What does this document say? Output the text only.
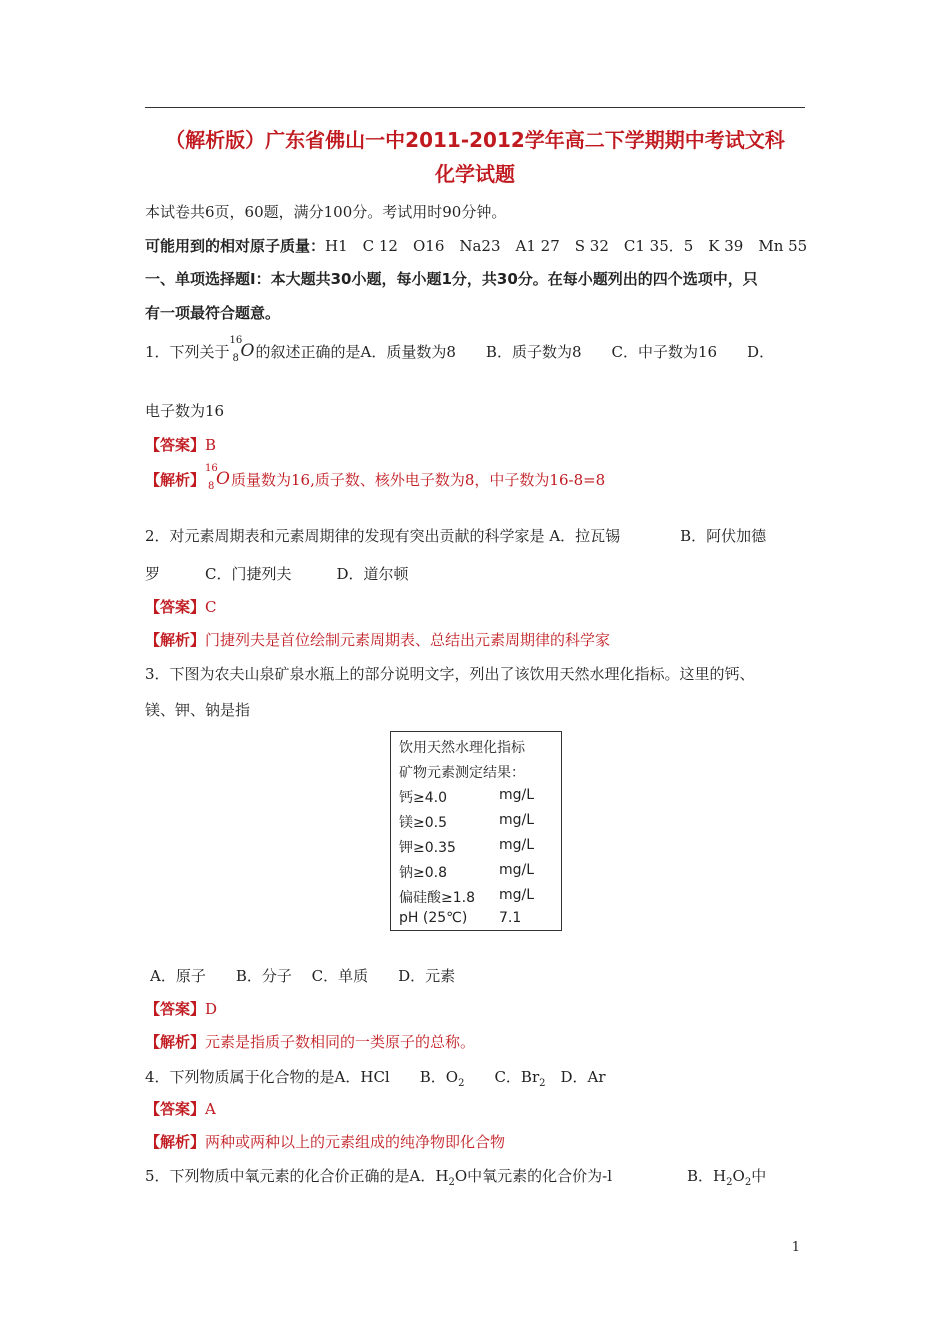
（解析版）广东省佛山一中2011-2012学年高二下学期期中考试文科
化学试题
本试卷共6页，60题，满分100分。考试用时90分钟。
可能用到的相对原子质量：H1　C 12　O16　Na23　A1 27　S 32　C1 35．5　K 39　Mn 55
一、单项选择题Ⅰ：本大题共30小题，每小题1分，共30分。在每小题列出的四个选项中，只
有一项最符合题意。
1．下列关于
16
8 O 的叙述正确的是A．质量数为8　　B．质子数为8　　C．中子数为16　　D．
电子数为16
【答案】B
【解析】
16
8 O 质量数为16,质子数、核外电子数为8，中子数为16-8=8
2．对元素周期表和元素周期律的发现有突出贡献的科学家是 A．拉瓦锡　　　　B．阿伏加德
罗　　　C．门捷列夫　　　D．道尔顿
【答案】C
【解析】门捷列夫是首位绘制元素周期表、总结出元素周期律的科学家
3．下图为农夫山泉矿泉水瓶上的部分说明文字，列出了该饮用天然水理化指标。这里的钙、
镁、钾、钠是指
饮用天然水理化指标
矿物元素测定结果：
钙≥4.0	mg/L
镁≥0.5	mg/L
钾≥0.35	mg/L
钠≥0.8	mg/L
偏硅酸≥1.8 mg/L
pH (25℃) 7.1
A．原子　　B．分子　 C．单质　　D．元素
【答案】D
【解析】元素是指质子数相同的一类原子的总称。
4．下列物质属于化合物的是A．HCl　　B．$O_2$　　C．$Br_2$　D．Ar
【答案】A
【解析】两种或两种以上的元素组成的纯净物即化合物
5．下列物质中氧元素的化合价正确的是A．$H_2O$中氧元素的化合价为-l　　　　　B．$H_2O_2$中
1
